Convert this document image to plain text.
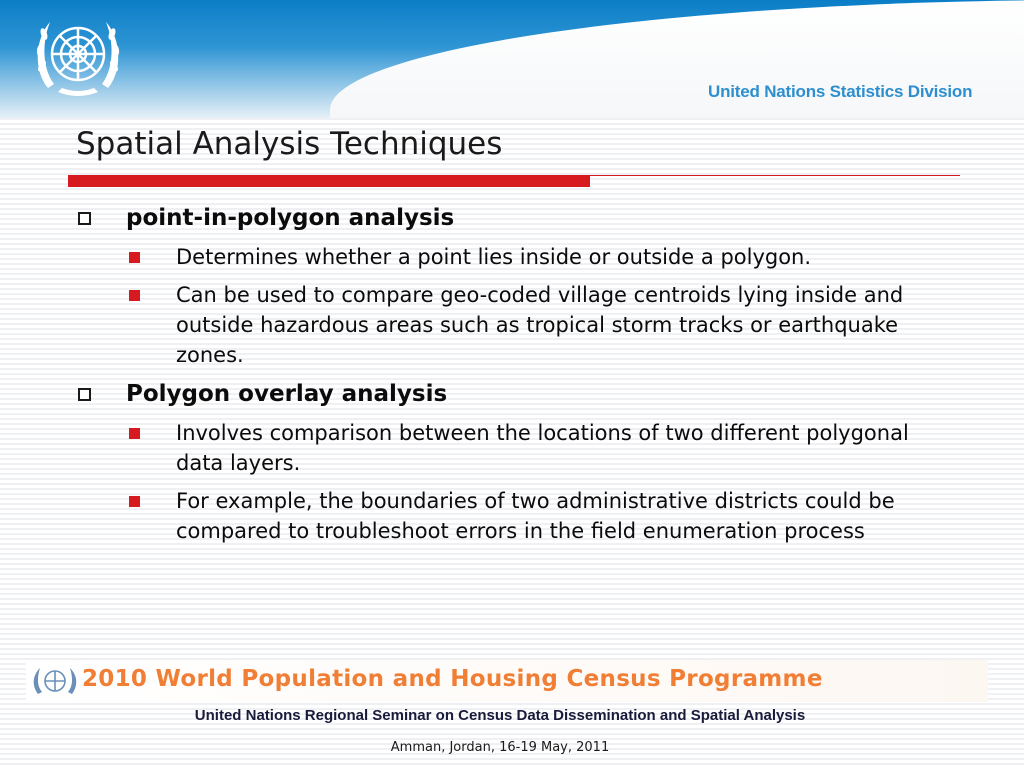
United Nations Statistics Division
Spatial Analysis Techniques
point-in-polygon analysis
Determines whether a point lies inside or outside a polygon.
Can be used to compare geo-coded village centroids lying inside and outside hazardous areas such as tropical storm tracks or earthquake zones.
Polygon overlay analysis
Involves comparison between the locations of two different polygonal data layers.
For example, the boundaries of two administrative districts could be compared to troubleshoot errors in the field enumeration process
2010 World Population and Housing Census Programme
United Nations Regional Seminar on Census Data Dissemination and Spatial Analysis
Amman, Jordan, 16-19 May, 2011
